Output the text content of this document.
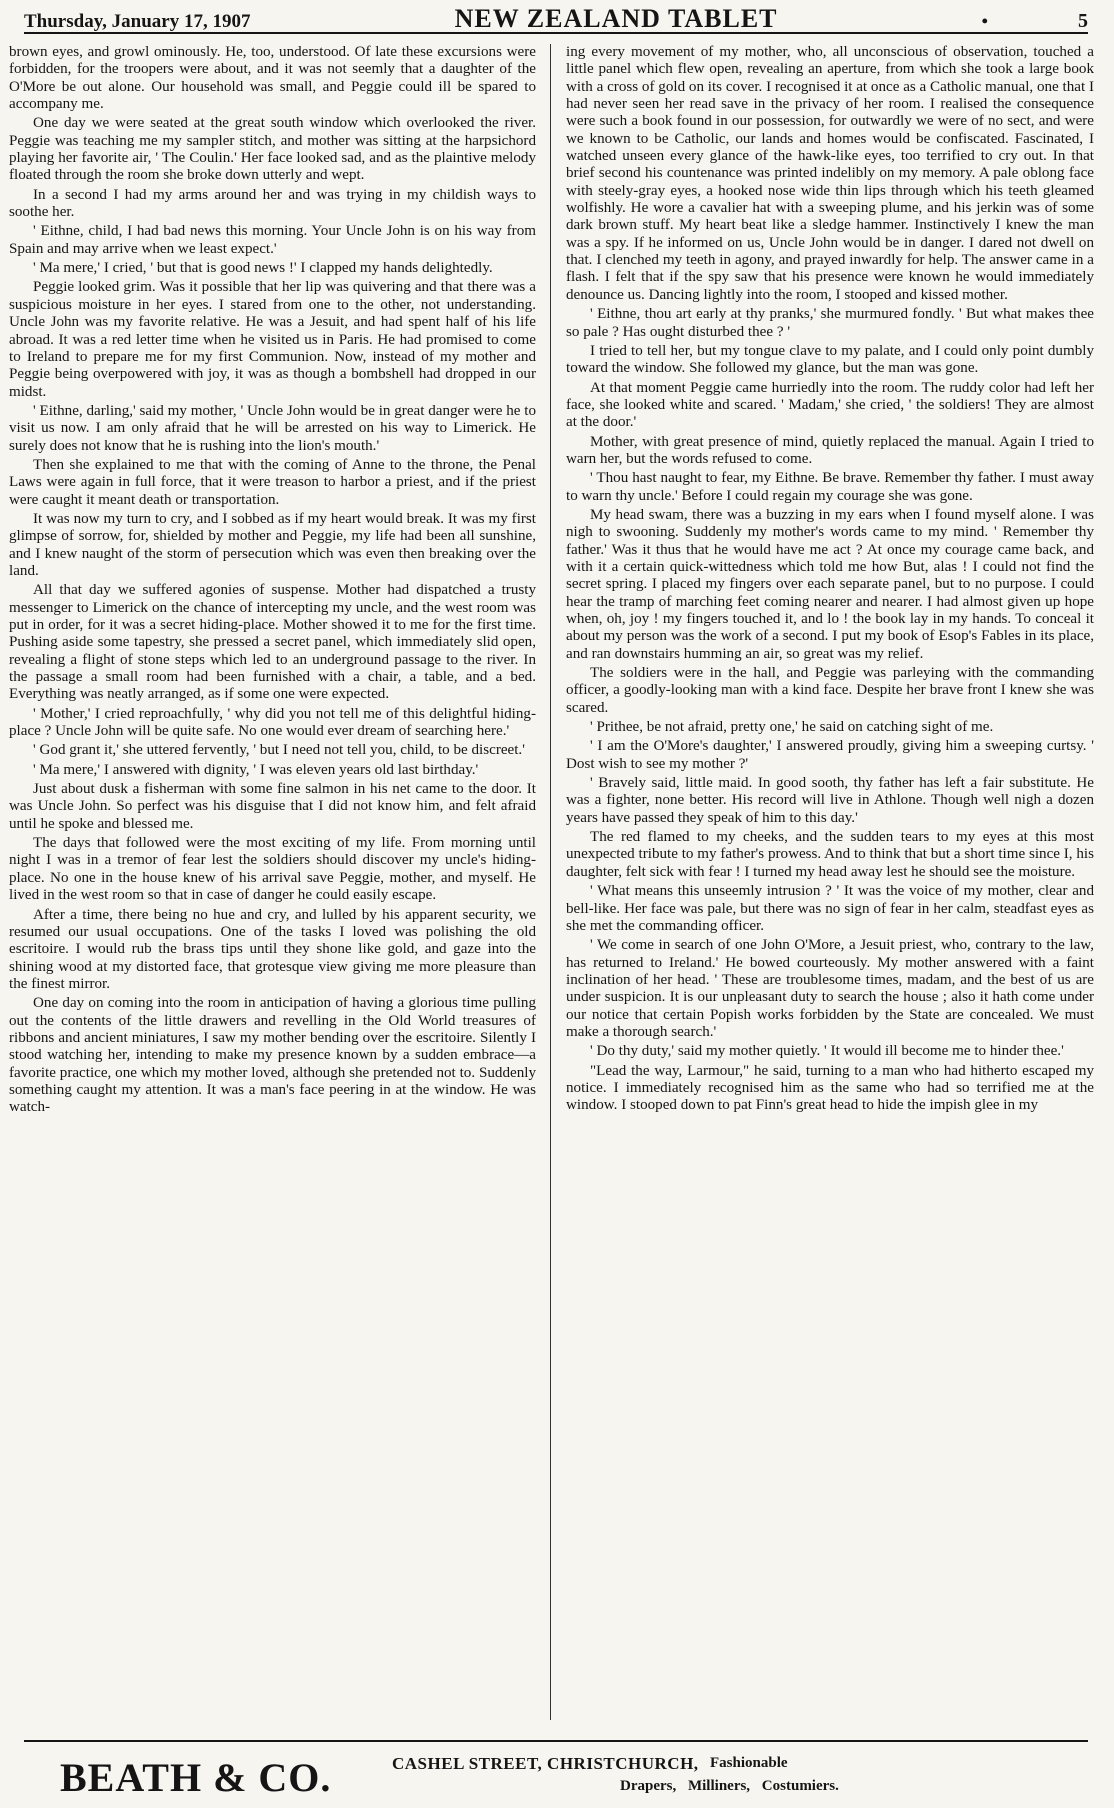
Thursday, January 17, 1907	NEW ZEALAND TABLET	•	5

brown eyes, and growl ominously. He, too, understood. Of late these excursions were forbidden, for the troopers were about, and it was not seemly that a daughter of the O'More be out alone. Our household was small, and Peggie could ill be spared to accompany me.

One day we were seated at the great south window which overlooked the river. Peggie was teaching me my sampler stitch, and mother was sitting at the harpsichord playing her favorite air, ' The Coulin.' Her face looked sad, and as the plaintive melody floated through the room she broke down utterly and wept.

In a second I had my arms around her and was trying in my childish ways to soothe her.

' Eithne, child, I had bad news this morning. Your Uncle John is on his way from Spain and may arrive when we least expect.'

' Ma mere,' I cried, ' but that is good news !' I clapped my hands delightedly.

Peggie looked grim. Was it possible that her lip was quivering and that there was a suspicious moisture in her eyes. I stared from one to the other, not understanding. Uncle John was my favorite relative. He was a Jesuit, and had spent half of his life abroad. It was a red letter time when he visited us in Paris. He had promised to come to Ireland to prepare me for my first Communion. Now, instead of my mother and Peggie being overpowered with joy, it was as though a bombshell had dropped in our midst.

' Eithne, darling,' said my mother, ' Uncle John would be in great danger were he to visit us now. I am only afraid that he will be arrested on his way to Limerick. He surely does not know that he is rushing into the lion's mouth.'

Then she explained to me that with the coming of Anne to the throne, the Penal Laws were again in full force, that it were treason to harbor a priest, and if the priest were caught it meant death or transportation.

It was now my turn to cry, and I sobbed as if my heart would break. It was my first glimpse of sorrow, for, shielded by mother and Peggie, my life had been all sunshine, and I knew naught of the storm of persecution which was even then breaking over the land.

All that day we suffered agonies of suspense. Mother had dispatched a trusty messenger to Limerick on the chance of intercepting my uncle, and the west room was put in order, for it was a secret hiding-place. Mother showed it to me for the first time. Pushing aside some tapestry, she pressed a secret panel, which immediately slid open, revealing a flight of stone steps which led to an underground passage to the river. In the passage a small room had been furnished with a chair, a table, and a bed. Everything was neatly arranged, as if some one were expected.

' Mother,' I cried reproachfully, ' why did you not tell me of this delightful hiding-place ? Uncle John will be quite safe. No one would ever dream of searching here.'

' God grant it,' she uttered fervently, ' but I need not tell you, child, to be discreet.'

' Ma mere,' I answered with dignity, ' I was eleven years old last birthday.'

Just about dusk a fisherman with some fine salmon in his net came to the door. It was Uncle John. So perfect was his disguise that I did not know him, and felt afraid until he spoke and blessed me.

The days that followed were the most exciting of my life. From morning until night I was in a tremor of fear lest the soldiers should discover my uncle's hiding-place. No one in the house knew of his arrival save Peggie, mother, and myself. He lived in the west room so that in case of danger he could easily escape.

After a time, there being no hue and cry, and lulled by his apparent security, we resumed our usual occupations. One of the tasks I loved was polishing the old escritoire. I would rub the brass tips until they shone like gold, and gaze into the shining wood at my distorted face, that grotesque view giving me more pleasure than the finest mirror.

One day on coming into the room in anticipation of having a glorious time pulling out the contents of the little drawers and revelling in the Old World treasures of ribbons and ancient miniatures, I saw my mother bending over the escritoire. Silently I stood watching her, intending to make my presence known by a sudden embrace—a favorite practice, one which my mother loved, although she pretended not to. Suddenly something caught my attention. It was a man's face peering in at the window. He was watch-

ing every movement of my mother, who, all unconscious of observation, touched a little panel which flew open, revealing an aperture, from which she took a large book with a cross of gold on its cover. I recognised it at once as a Catholic manual, one that I had never seen her read save in the privacy of her room. I realised the consequence were such a book found in our possession, for outwardly we were of no sect, and were we known to be Catholic, our lands and homes would be confiscated. Fascinated, I watched unseen every glance of the hawk-like eyes, too terrified to cry out. In that brief second his countenance was printed indelibly on my memory. A pale oblong face with steely-gray eyes, a hooked nose wide thin lips through which his teeth gleamed wolfishly. He wore a cavalier hat with a sweeping plume, and his jerkin was of some dark brown stuff. My heart beat like a sledge hammer. Instinctively I knew the man was a spy. If he informed on us, Uncle John would be in danger. I dared not dwell on that. I clenched my teeth in agony, and prayed inwardly for help. The answer came in a flash. I felt that if the spy saw that his presence were known he would immediately denounce us. Dancing lightly into the room, I stooped and kissed mother.

' Eithne, thou art early at thy pranks,' she murmured fondly. ' But what makes thee so pale ? Has ought disturbed thee ? '

I tried to tell her, but my tongue clave to my palate, and I could only point dumbly toward the window. She followed my glance, but the man was gone.

At that moment Peggie came hurriedly into the room. The ruddy color had left her face, she looked white and scared. ' Madam,' she cried, ' the soldiers! They are almost at the door.'

Mother, with great presence of mind, quietly replaced the manual. Again I tried to warn her, but the words refused to come.

' Thou hast naught to fear, my Eithne. Be brave. Remember thy father. I must away to warn thy uncle.' Before I could regain my courage she was gone.

My head swam, there was a buzzing in my ears when I found myself alone. I was nigh to swooning. Suddenly my mother's words came to my mind. ' Remember thy father.' Was it thus that he would have me act ? At once my courage came back, and with it a certain quick-wittedness which told me how But, alas ! I could not find the secret spring. I placed my fingers over each separate panel, but to no purpose. I could hear the tramp of marching feet coming nearer and nearer. I had almost given up hope when, oh, joy ! my fingers touched it, and lo ! the book lay in my hands. To conceal it about my person was the work of a second. I put my book of Esop's Fables in its place, and ran downstairs humming an air, so great was my relief.

The soldiers were in the hall, and Peggie was parleying with the commanding officer, a goodly-looking man with a kind face. Despite her brave front I knew she was scared.

' Prithee, be not afraid, pretty one,' he said on catching sight of me.

' I am the O'More's daughter,' I answered proudly, giving him a sweeping curtsy. ' Dost wish to see my mother ?'

' Bravely said, little maid. In good sooth, thy father has left a fair substitute. He was a fighter, none better. His record will live in Athlone. Though well nigh a dozen years have passed they speak of him to this day.'

The red flamed to my cheeks, and the sudden tears to my eyes at this most unexpected tribute to my father's prowess. And to think that but a short time since I, his daughter, felt sick with fear ! I turned my head away lest he should see the moisture.

' What means this unseemly intrusion ? ' It was the voice of my mother, clear and bell-like. Her face was pale, but there was no sign of fear in her calm, steadfast eyes as she met the commanding officer.

' We come in search of one John O'More, a Jesuit priest, who, contrary to the law, has returned to Ireland.' He bowed courteously. My mother answered with a faint inclination of her head. ' These are troublesome times, madam, and the best of us are under suspicion. It is our unpleasant duty to search the house ; also it hath come under our notice that certain Popish works forbidden by the State are concealed. We must make a thorough search.'

' Do thy duty,' said my mother quietly. ' It would ill become me to hinder thee.'

"Lead the way, Larmour," he said, turning to a man who had hitherto escaped my notice. I immediately recognised him as the same who had so terrified me at the window. I stooped down to pat Finn's great head to hide the impish glee in my

BEATH & CO.	CASHEL STREET, CHRISTCHURCH, Fashionable
Drapers, Milliners, Costumiers.
